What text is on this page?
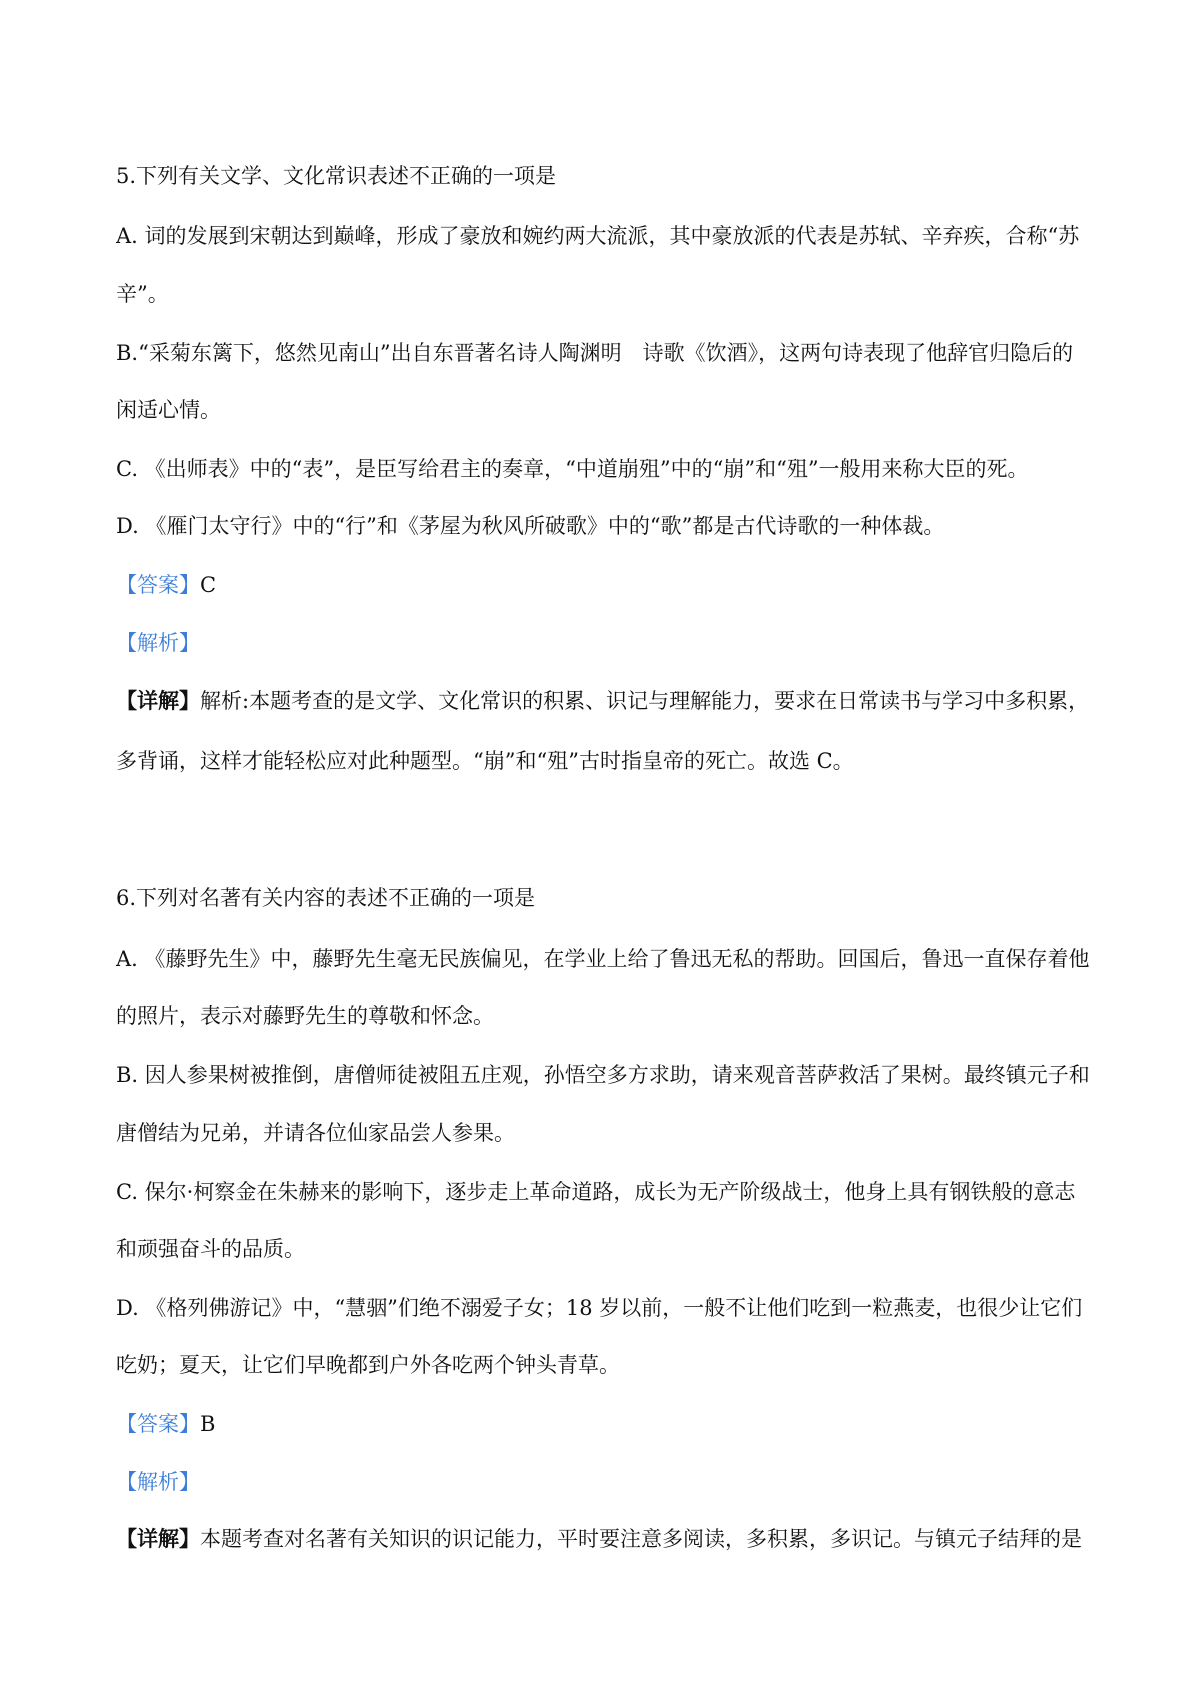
5.下列有关文学、文化常识表述不正确的一项是
A. 词的发展到宋朝达到巅峰，形成了豪放和婉约两大流派，其中豪放派的代表是苏轼、辛弃疾，合称“苏
辛”。
B.“采菊东篱下，悠然见南山”出自东晋著名诗人陶渊明　诗歌《饮酒》，这两句诗表现了他辞官归隐后的
闲适心情。
C. 《出师表》中的“表”，是臣写给君主的奏章，“中道崩殂”中的“崩”和“殂”一般用来称大臣的死。
D. 《雁门太守行》中的“行”和《茅屋为秋风所破歌》中的“歌”都是古代诗歌的一种体裁。
【答案】C
【解析】
【详解】解析:本题考查的是文学、文化常识的积累、识记与理解能力，要求在日常读书与学习中多积累，
多背诵，这样才能轻松应对此种题型。“崩”和“殂”古时指皇帝的死亡。故选 C。
6.下列对名著有关内容的表述不正确的一项是
A. 《藤野先生》中，藤野先生毫无民族偏见，在学业上给了鲁迅无私的帮助。回国后，鲁迅一直保存着他
的照片，表示对藤野先生的尊敬和怀念。
B. 因人参果树被推倒，唐僧师徒被阻五庄观，孙悟空多方求助，请来观音菩萨救活了果树。最终镇元子和
唐僧结为兄弟，并请各位仙家品尝人参果。
C. 保尔·柯察金在朱赫来的影响下，逐步走上革命道路，成长为无产阶级战士，他身上具有钢铁般的意志
和顽强奋斗的品质。
D. 《格列佛游记》中，“慧骃”们绝不溺爱子女；18 岁以前，一般不让他们吃到一粒燕麦，也很少让它们
吃奶；夏天，让它们早晚都到户外各吃两个钟头青草。
【答案】B
【解析】
【详解】本题考查对名著有关知识的识记能力，平时要注意多阅读，多积累，多识记。与镇元子结拜的是
